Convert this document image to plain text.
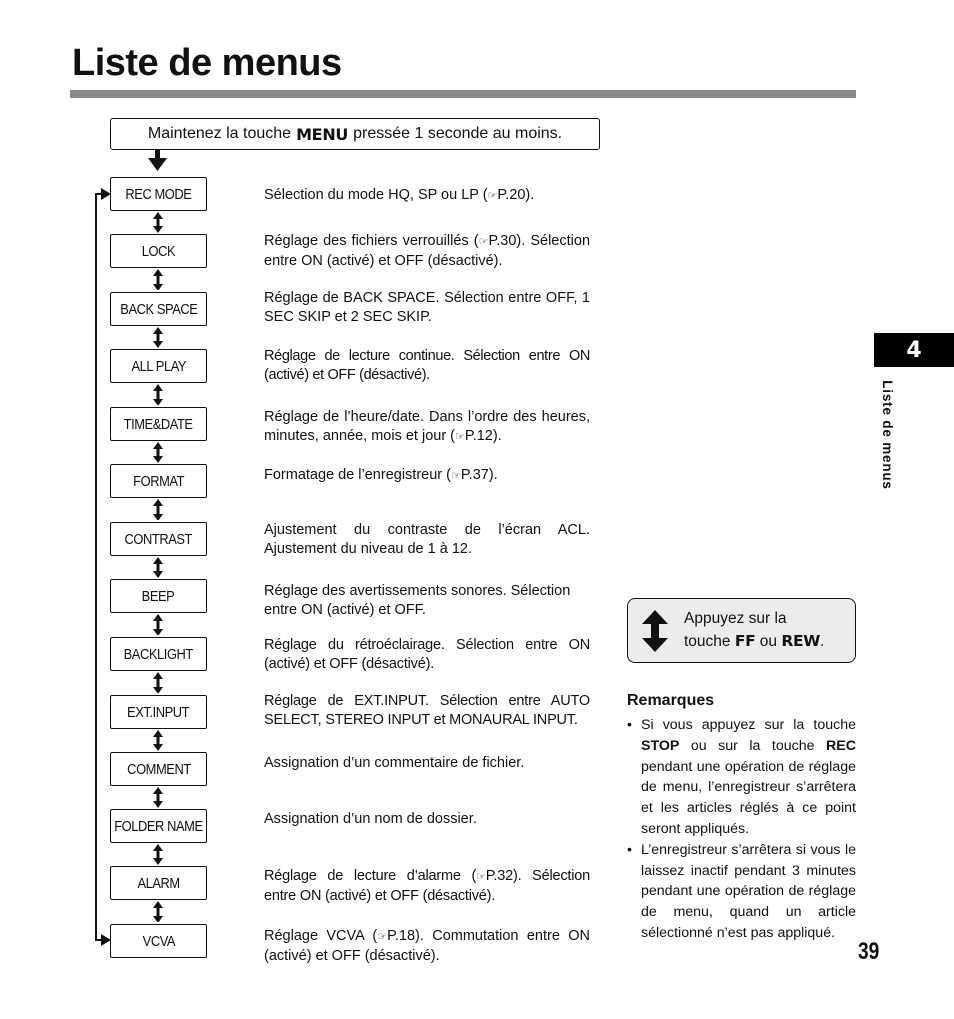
Liste de menus
Maintenez la touche MENU pressée 1 seconde au moins.
REC MODE
LOCK
BACK SPACE
ALL PLAY
TIME&DATE
FORMAT
CONTRAST
BEEP
BACKLIGHT
EXT.INPUT
COMMENT
FOLDER NAME
ALARM
VCVA
Sélection du mode HQ, SP ou LP (☞P.20).
Réglage des fichiers verrouillés (☞P.30). Sélection entre ON (activé) et OFF (désactivé).
Réglage de BACK SPACE. Sélection entre OFF, 1 SEC SKIP et 2 SEC SKIP.
Réglage de lecture continue. Sélection entre ON (activé) et OFF (désactivé).
Réglage de l’heure/date. Dans l’ordre des heures, minutes, année, mois et jour (☞P.12).
Formatage de l’enregistreur (☞P.37).
Ajustement du contraste de l’écran ACL. Ajustement du niveau de 1 à 12.
Réglage des avertissements sonores. Sélection entre ON (activé) et OFF.
Réglage du rétroéclairage. Sélection entre ON (activé) et OFF (désactivé).
Réglage de EXT.INPUT. Sélection entre AUTO SELECT, STEREO INPUT et MONAURAL INPUT.
Assignation d’un commentaire de fichier.
Assignation d’un nom de dossier.
Réglage de lecture d’alarme (☞P.32). Sélection entre ON (activé) et OFF (désactivé).
Réglage VCVA (☞P.18). Commutation entre ON (activé) et OFF (désactivé).
4
Liste de menus
Appuyez sur la
touche FF ou REW.
Remarques
• Si vous appuyez sur la touche STOP ou sur la touche REC pendant une opération de réglage de menu, l’enregistreur s’arrêtera et les articles réglés à ce point seront appliqués.
• L’enregistreur s’arrêtera si vous le laissez inactif pendant 3 minutes pendant une opération de réglage de menu, quand un article sélectionné n’est pas appliqué.
39
